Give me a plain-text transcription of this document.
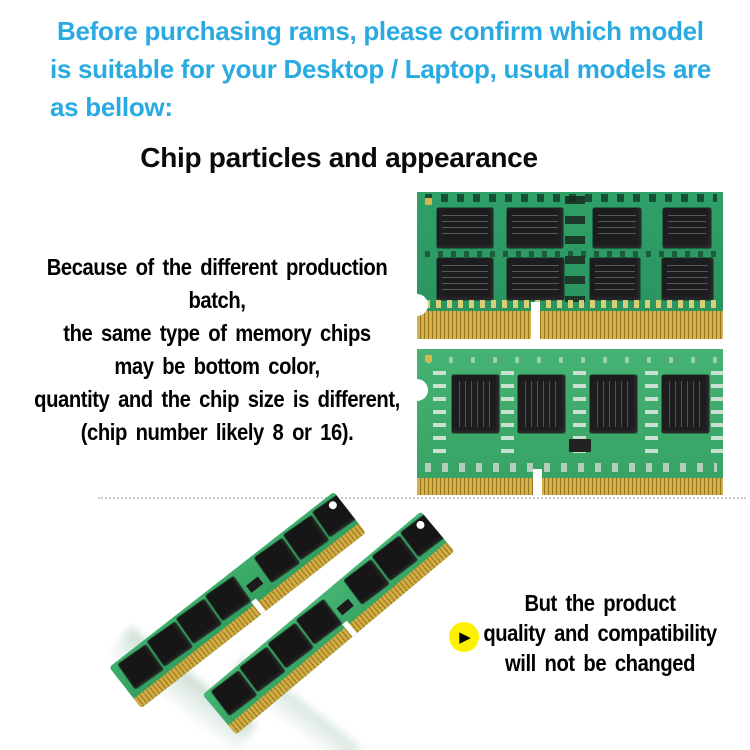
Before purchasing rams, please confirm which model
is suitable for your Desktop / Laptop, usual models are
as bellow:
Chip particles and appearance
Because of the different production batch,
the same type of memory chips
may be bottom color,
quantity and the chip size is different,
(chip number likely 8 or 16).
▶
But the product
quality and compatibility
will not be changed
